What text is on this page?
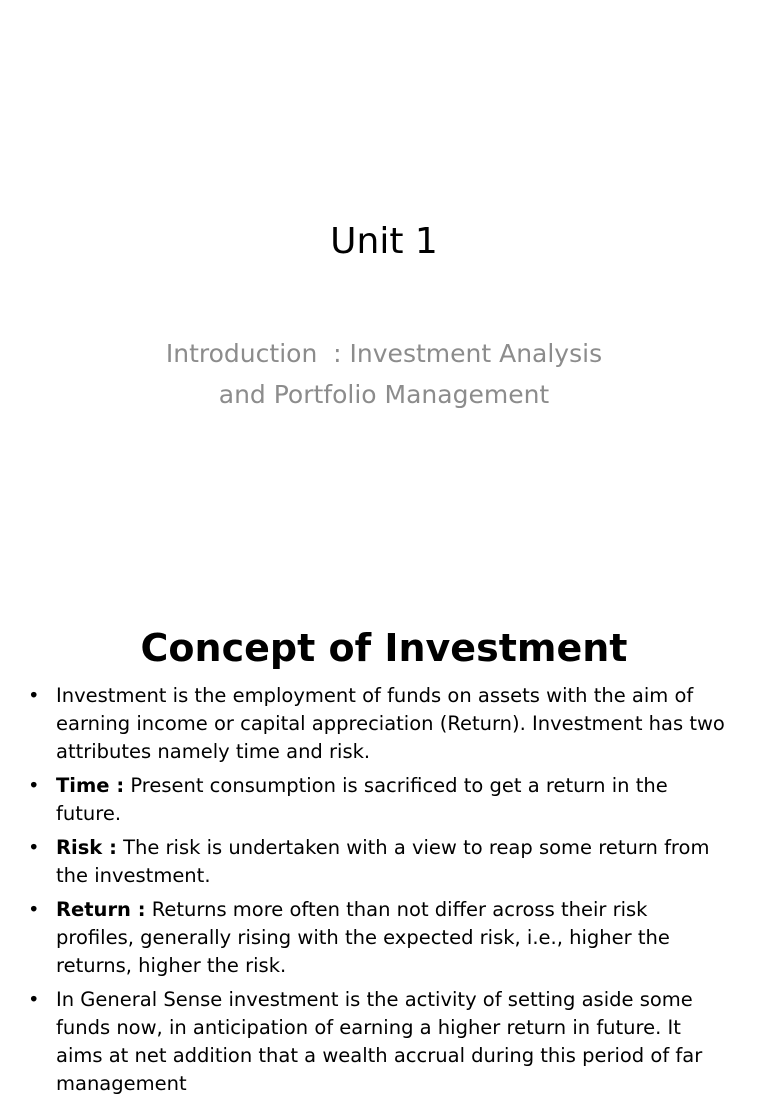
Unit 1
Introduction  : Investment Analysis
and Portfolio Management
Concept of Investment
• Investment is the employment of funds on assets with the aim of earning income or capital appreciation (Return). Investment has two attributes namely time and risk.
• Time : Present consumption is sacrificed to get a return in the future.
• Risk : The risk is undertaken with a view to reap some return from the investment.
• Return : Returns more often than not differ across their risk profiles, generally rising with the expected risk, i.e., higher the returns, higher the risk.
• In General Sense investment is the activity of setting aside some funds now, in anticipation of earning a higher return in future. It aims at net addition that a wealth accrual during this period of far management
